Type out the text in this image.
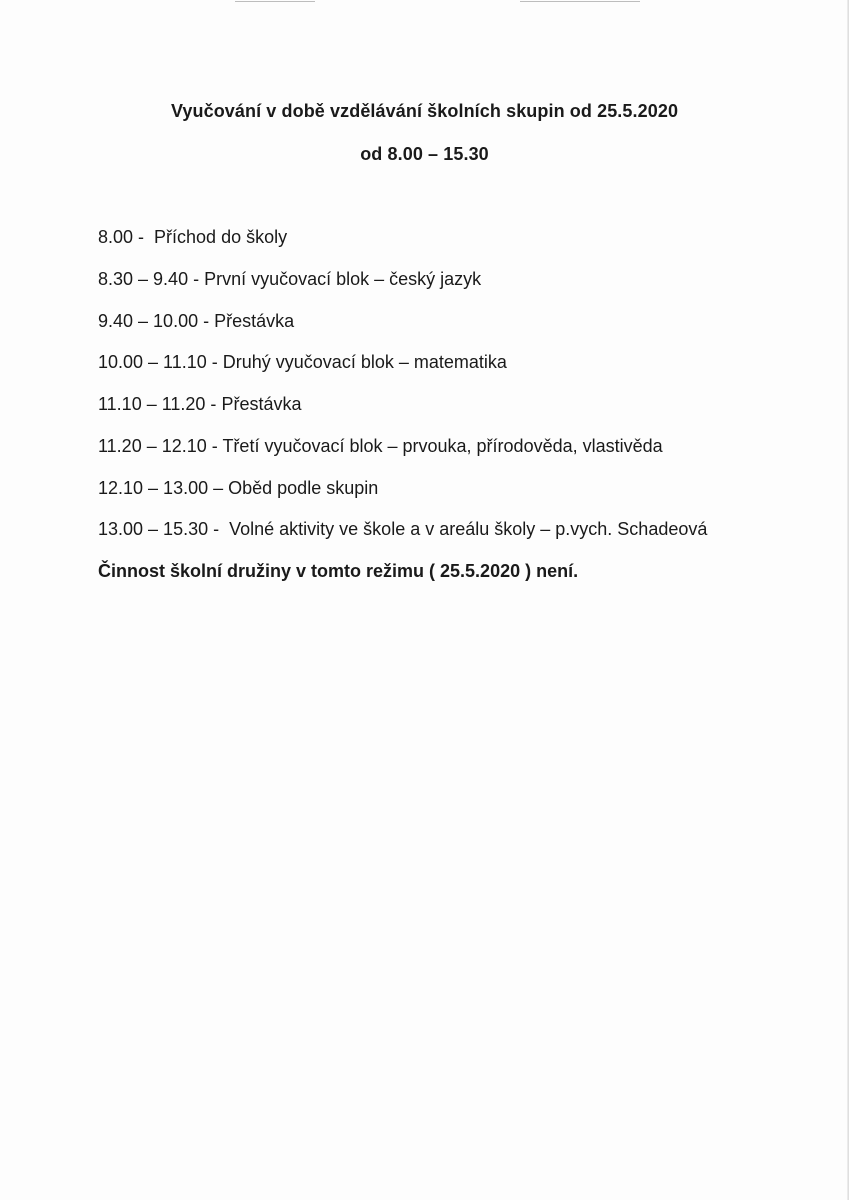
Vyučování v době vzdělávání školních skupin od 25.5.2020
od 8.00 – 15.30

8.00 -  Příchod do školy

8.30 – 9.40 - První vyučovací blok – český jazyk

9.40 – 10.00 - Přestávka

10.00 – 11.10 - Druhý vyučovací blok – matematika

11.10 – 11.20 - Přestávka

11.20 – 12.10 - Třetí vyučovací blok – prvouka, přírodověda, vlastivěda

12.10 – 13.00 – Oběd podle skupin

13.00 – 15.30 -  Volné aktivity ve škole a v areálu školy – p.vych. Schadeová

Činnost školní družiny v tomto režimu ( 25.5.2020 ) není.
